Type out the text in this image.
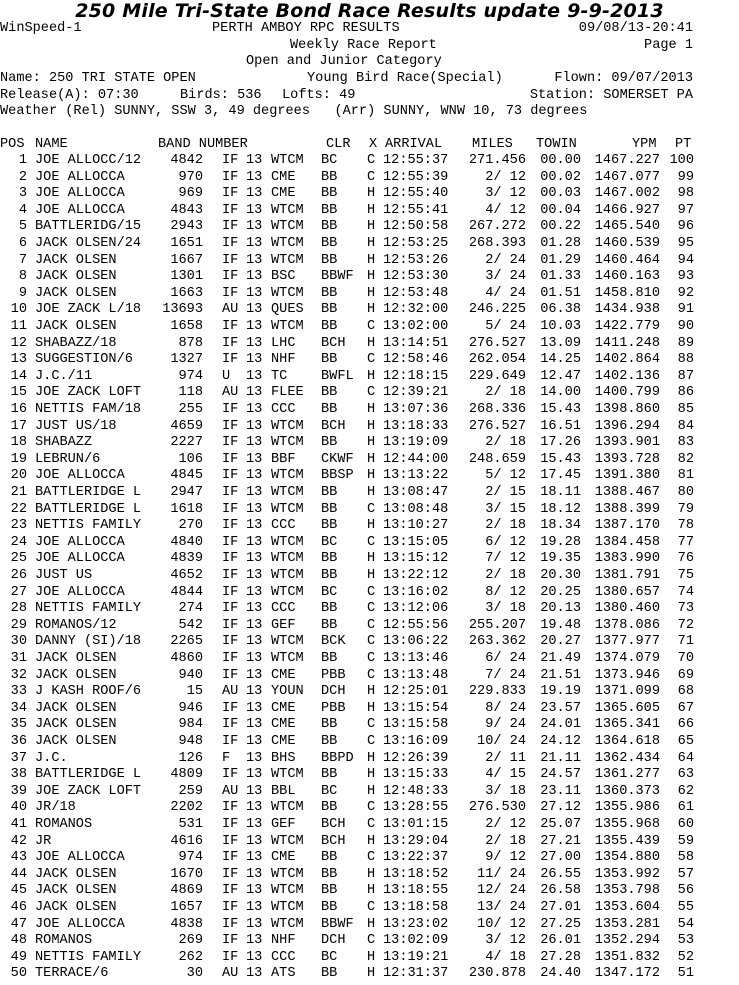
250 Mile Tri-State Bond Race Results update 9-9-2013
WinSpeed-1	PERTH AMBOY RPC RESULTS	09/08/13-20:41
Weekly Race Report	Page 1
Open and Junior Category
Name: 250 TRI STATE OPEN	Young Bird Race(Special)	Flown: 09/07/2013
Release(A): 07:30	Birds: 536 Lofts: 49	Station: SOMERSET PA
Weather (Rel) SUNNY, SSW 3, 49 degrees   (Arr) SUNNY, WNW 10, 73 degrees
POS NAME	BAND NUMBER	CLR X ARRIVAL MILES TOWIN	YPM PT
1 JOE ALLOCC/12	4842 IF 13 WTCM	BC	C 12:55:37	271.456	00.00	1467.227 100
2 JOE ALLOCCA	970 IF 13 CME	BB	C 12:55:39	2/ 12	00.02	1467.077	99
3 JOE ALLOCCA	969 IF 13 CME	BB	H 12:55:40	3/ 12	00.03	1467.002	98
4 JOE ALLOCCA	4843 IF 13 WTCM	BB	H 12:55:41	4/ 12	00.04	1466.927	97
5 BATTLERIDG/15	2943 IF 13 WTCM	BB	H 12:50:58	267.272	00.22	1465.540	96
6 JACK OLSEN/24	1651 IF 13 WTCM	BB	H 12:53:25	268.393	01.28	1460.539	95
7 JACK OLSEN	1667 IF 13 WTCM	BB	H 12:53:26	2/ 24	01.29	1460.464	94
8 JACK OLSEN	1301 IF 13 BSC	BBWF H 12:53:30	3/ 24	01.33	1460.163	93
9 JACK OLSEN	1663 IF 13 WTCM	BB	H 12:53:48	4/ 24	01.51	1458.810	92
10 JOE ZACK L/18	13693 AU 13 QUES	BB	H 12:32:00	246.225	06.38	1434.938	91
11 JACK OLSEN	1658 IF 13 WTCM	BB	C 13:02:00	5/ 24	10.03	1422.779	90
12 SHABAZZ/18	878 IF 13 LHC	BCH	H 13:14:51	276.527	13.09	1411.248	89
13 SUGGESTION/6	1327 IF 13 NHF	BB	C 12:58:46	262.054	14.25	1402.864	88
14 J.C./11	974 U	13 TC	BWFL H 12:18:15	229.649	12.47	1402.136	87
15 JOE ZACK LOFT	118 AU 13 FLEE	BB	C 12:39:21	2/ 18	14.00	1400.799	86
16 NETTIS FAM/18	255 IF 13 CCC	BB	H 13:07:36	268.336	15.43	1398.860	85
17 JUST US/18	4659 IF 13 WTCM	BCH	H 13:18:33	276.527	16.51	1396.294	84
18 SHABAZZ	2227 IF 13 WTCM	BB	H 13:19:09	2/ 18	17.26	1393.901	83
19 LEBRUN/6	106 IF 13 BBF	CKWF H 12:44:00	248.659	15.43	1393.728	82
20 JOE ALLOCCA	4845 IF 13 WTCM	BBSP H 13:13:22	5/ 12	17.45	1391.380	81
21 BATTLERIDGE L	2947 IF 13 WTCM	BB	H 13:08:47	2/ 15	18.11	1388.467	80
22 BATTLERIDGE L	1618 IF 13 WTCM	BB	C 13:08:48	3/ 15	18.12	1388.399	79
23 NETTIS FAMILY	270 IF 13 CCC	BB	H 13:10:27	2/ 18	18.34	1387.170	78
24 JOE ALLOCCA	4840 IF 13 WTCM	BC	C 13:15:05	6/ 12	19.28	1384.458	77
25 JOE ALLOCCA	4839 IF 13 WTCM	BB	H 13:15:12	7/ 12	19.35	1383.990	76
26 JUST US	4652 IF 13 WTCM	BB	H 13:22:12	2/ 18	20.30	1381.791	75
27 JOE ALLOCCA	4844 IF 13 WTCM	BC	C 13:16:02	8/ 12	20.25	1380.657	74
28 NETTIS FAMILY	274 IF 13 CCC	BB	C 13:12:06	3/ 18	20.13	1380.460	73
29 ROMANOS/12	542 IF 13 GEF	BB	C 12:55:56	255.207	19.48	1378.086	72
30 DANNY (SI)/18	2265 IF 13 WTCM	BCK	C 13:06:22	263.362	20.27	1377.977	71
31 JACK OLSEN	4860 IF 13 WTCM	BB	C 13:13:46	6/ 24	21.49	1374.079	70
32 JACK OLSEN	940 IF 13 CME	PBB	C 13:13:48	7/ 24	21.51	1373.946	69
33 J KASH ROOF/6	15 AU 13 YOUN	DCH	H 12:25:01	229.833	19.19	1371.099	68
34 JACK OLSEN	946 IF 13 CME	PBB	H 13:15:54	8/ 24	23.57	1365.605	67
35 JACK OLSEN	984 IF 13 CME	BB	C 13:15:58	9/ 24	24.01	1365.341	66
36 JACK OLSEN	948 IF 13 CME	BB	C 13:16:09	10/ 24	24.12	1364.618	65
37 J.C.	126 F	13 BHS	BBPD H 12:26:39	2/ 11	21.11	1362.434	64
38 BATTLERIDGE L	4809 IF 13 WTCM	BB	H 13:15:33	4/ 15	24.57	1361.277	63
39 JOE ZACK LOFT	259 AU 13 BBL	BC	H 12:48:33	3/ 18	23.11	1360.373	62
40 JR/18	2202 IF 13 WTCM	BB	C 13:28:55	276.530	27.12	1355.986	61
41 ROMANOS	531 IF 13 GEF	BCH	C 13:01:15	2/ 12	25.07	1355.968	60
42 JR	4616 IF 13 WTCM	BCH	H 13:29:04	2/ 18	27.21	1355.439	59
43 JOE ALLOCCA	974 IF 13 CME	BB	C 13:22:37	9/ 12	27.00	1354.880	58
44 JACK OLSEN	1670 IF 13 WTCM	BB	H 13:18:52	11/ 24	26.55	1353.992	57
45 JACK OLSEN	4869 IF 13 WTCM	BB	H 13:18:55	12/ 24	26.58	1353.798	56
46 JACK OLSEN	1657 IF 13 WTCM	BB	C 13:18:58	13/ 24	27.01	1353.604	55
47 JOE ALLOCCA	4838 IF 13 WTCM	BBWF H 13:23:02	10/ 12	27.25	1353.281	54
48 ROMANOS	269 IF 13 NHF	DCH	C 13:02:09	3/ 12	26.01	1352.294	53
49 NETTIS FAMILY	262 IF 13 CCC	BC	H 13:19:21	4/ 18	27.28	1351.832	52
50 TERRACE/6	30 AU 13 ATS	BB	H 12:31:37	230.878	24.40	1347.172	51
